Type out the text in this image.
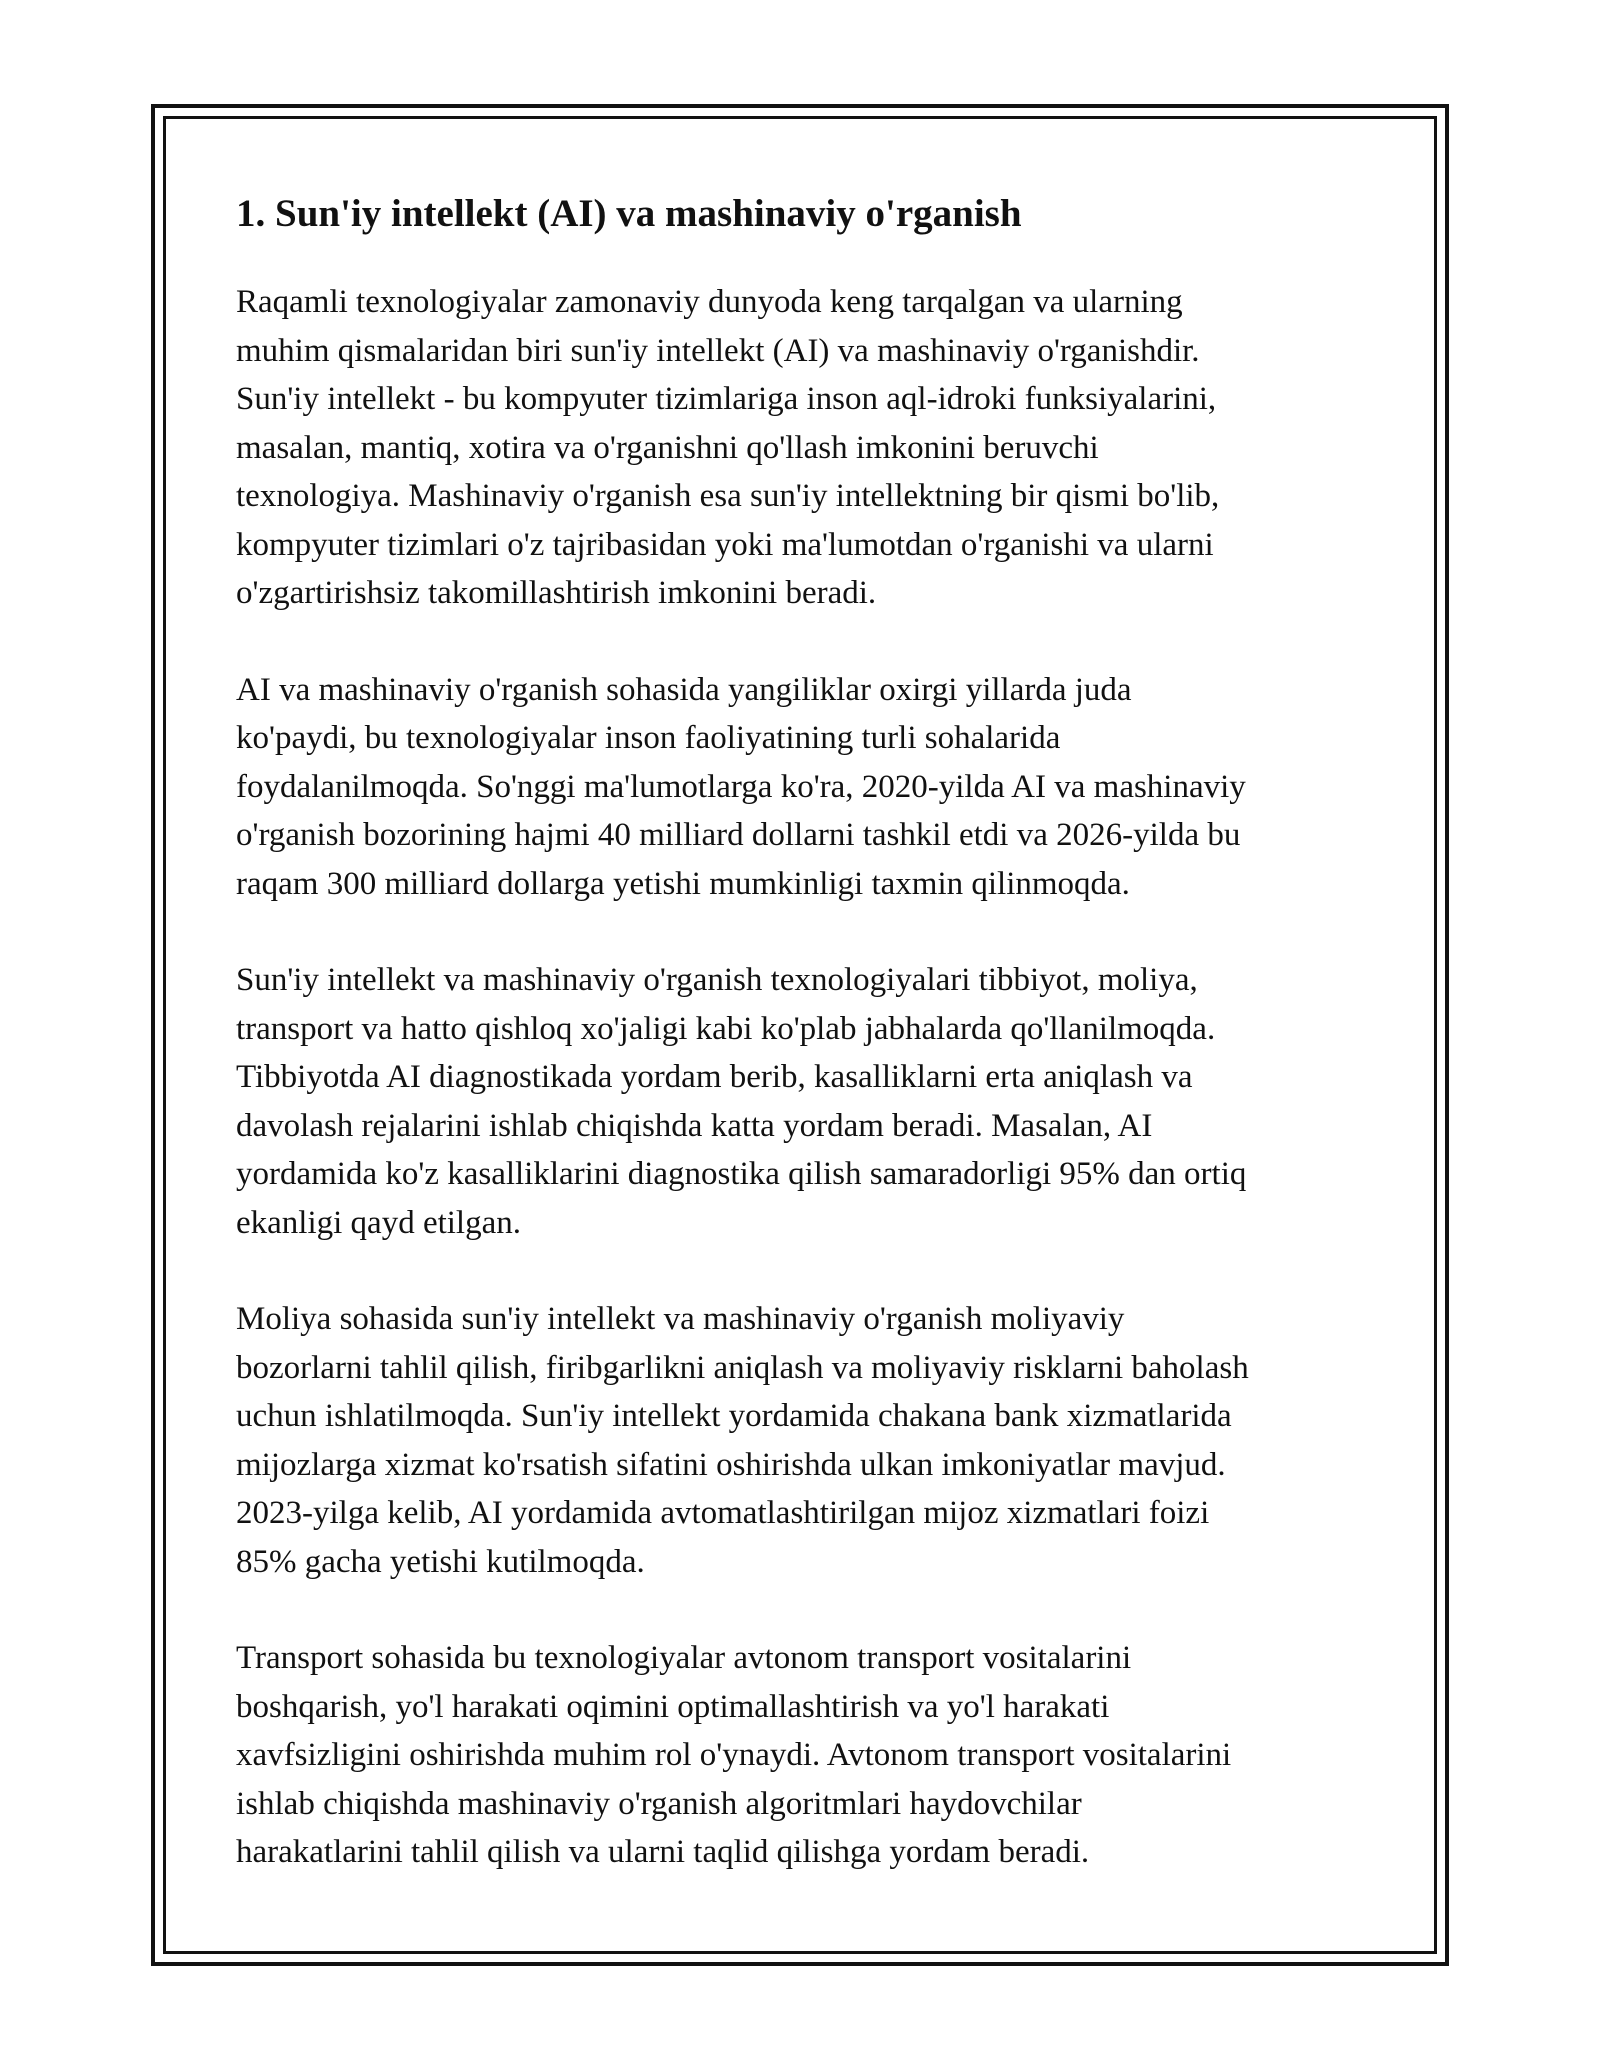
1. Sun'iy intellekt (AI) va mashinaviy o'rganish

Raqamli texnologiyalar zamonaviy dunyoda keng tarqalgan va ularning
muhim qismalaridan biri sun'iy intellekt (AI) va mashinaviy o'rganishdir.
Sun'iy intellekt - bu kompyuter tizimlariga inson aql-idroki funksiyalarini,
masalan, mantiq, xotira va o'rganishni qo'llash imkonini beruvchi
texnologiya. Mashinaviy o'rganish esa sun'iy intellektning bir qismi bo'lib,
kompyuter tizimlari o'z tajribasidan yoki ma'lumotdan o'rganishi va ularni
o'zgartirishsiz takomillashtirish imkonini beradi.

AI va mashinaviy o'rganish sohasida yangiliklar oxirgi yillarda juda
ko'paydi, bu texnologiyalar inson faoliyatining turli sohalarida
foydalanilmoqda. So'nggi ma'lumotlarga ko'ra, 2020-yilda AI va mashinaviy
o'rganish bozorining hajmi 40 milliard dollarni tashkil etdi va 2026-yilda bu
raqam 300 milliard dollarga yetishi mumkinligi taxmin qilinmoqda.

Sun'iy intellekt va mashinaviy o'rganish texnologiyalari tibbiyot, moliya,
transport va hatto qishloq xo'jaligi kabi ko'plab jabhalarda qo'llanilmoqda.
Tibbiyotda AI diagnostikada yordam berib, kasalliklarni erta aniqlash va
davolash rejalarini ishlab chiqishda katta yordam beradi. Masalan, AI
yordamida ko'z kasalliklarini diagnostika qilish samaradorligi 95% dan ortiq
ekanligi qayd etilgan.

Moliya sohasida sun'iy intellekt va mashinaviy o'rganish moliyaviy
bozorlarni tahlil qilish, firibgarlikni aniqlash va moliyaviy risklarni baholash
uchun ishlatilmoqda. Sun'iy intellekt yordamida chakana bank xizmatlarida
mijozlarga xizmat ko'rsatish sifatini oshirishda ulkan imkoniyatlar mavjud.
2023-yilga kelib, AI yordamida avtomatlashtirilgan mijoz xizmatlari foizi
85% gacha yetishi kutilmoqda.

Transport sohasida bu texnologiyalar avtonom transport vositalarini
boshqarish, yo'l harakati oqimini optimallashtirish va yo'l harakati
xavfsizligini oshirishda muhim rol o'ynaydi. Avtonom transport vositalarini
ishlab chiqishda mashinaviy o'rganish algoritmlari haydovchilar
harakatlarini tahlil qilish va ularni taqlid qilishga yordam beradi.
